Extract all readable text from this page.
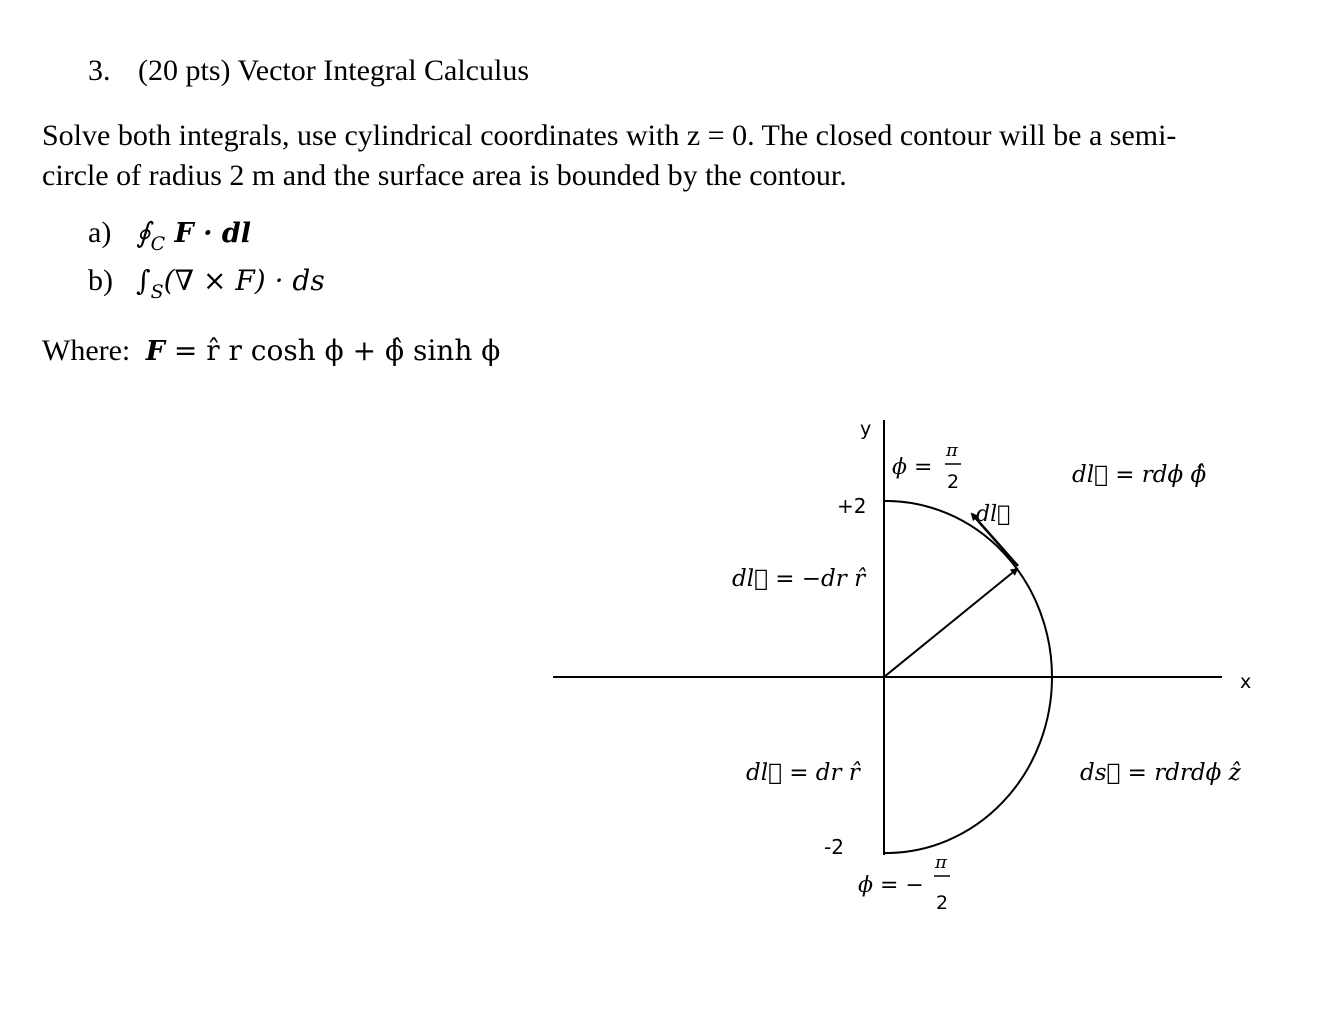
3. (20 pts) Vector Integral Calculus
Solve both integrals, use cylindrical coordinates with z = 0. The closed contour will be a semi-
circle of radius 2 m and the surface area is bounded by the contour.
a) $∮_C$ F · dl
b) $\int_S(\nabla \times F)$ · ds
Where: F = r̂ r cosh ϕ + ϕ̂ sinh ϕ
y
x
+2
-2
ϕ =
π
2
ϕ = −
π
2
dl⃗
dl⃗ = rdϕ ϕ̂
dl⃗ = −dr r̂
dl⃗ = dr r̂	ds⃗ = rdrdϕ ẑ
